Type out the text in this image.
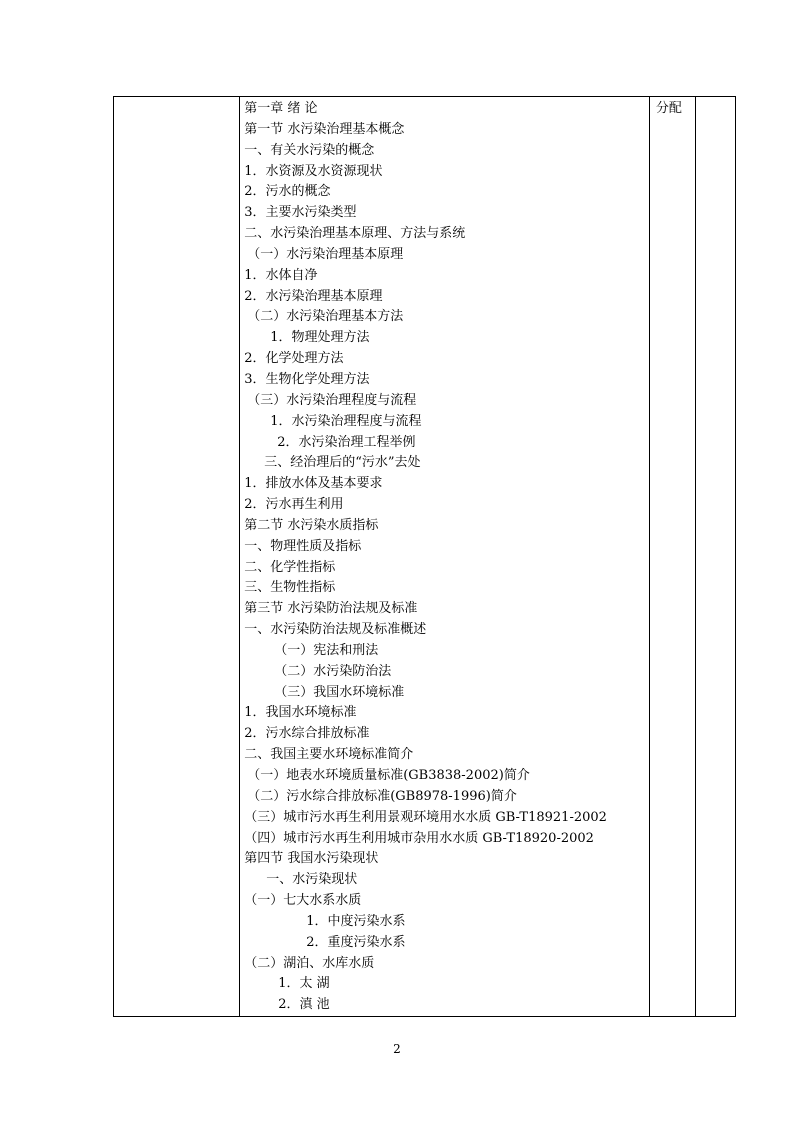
第一章 绪 论
第一节 水污染治理基本概念
一、有关水污染的概念
1．水资源及水资源现状
2．污水的概念
3．主要水污染类型
二、水污染治理基本原理、方法与系统
（一）水污染治理基本原理
1．水体自净
2．水污染治理基本原理
（二）水污染治理基本方法
1．物理处理方法
2．化学处理方法
3．生物化学处理方法
（三）水污染治理程度与流程
1．水污染治理程度与流程
2．水污染治理工程举例
三、经治理后的“污水”去处
1．排放水体及基本要求
2．污水再生利用
第二节 水污染水质指标
一、物理性质及指标
二、化学性指标
三、生物性指标
第三节 水污染防治法规及标准
一、水污染防治法规及标准概述
（一）宪法和刑法
（二）水污染防治法
（三）我国水环境标准
1．我国水环境标准
2．污水综合排放标准
二、我国主要水环境标准简介
（一）地表水环境质量标准(GB3838-2002)简介
（二）污水综合排放标准(GB8978-1996)简介
（三）城市污水再生利用景观环境用水水质 GB-T18921-2002
（四）城市污水再生利用城市杂用水水质 GB-T18920-2002
第四节 我国水污染现状
一、水污染现状
（一）七大水系水质
1．中度污染水系
2．重度污染水系
（二）湖泊、水库水质
1．太 湖
2．滇 池

分配

2
